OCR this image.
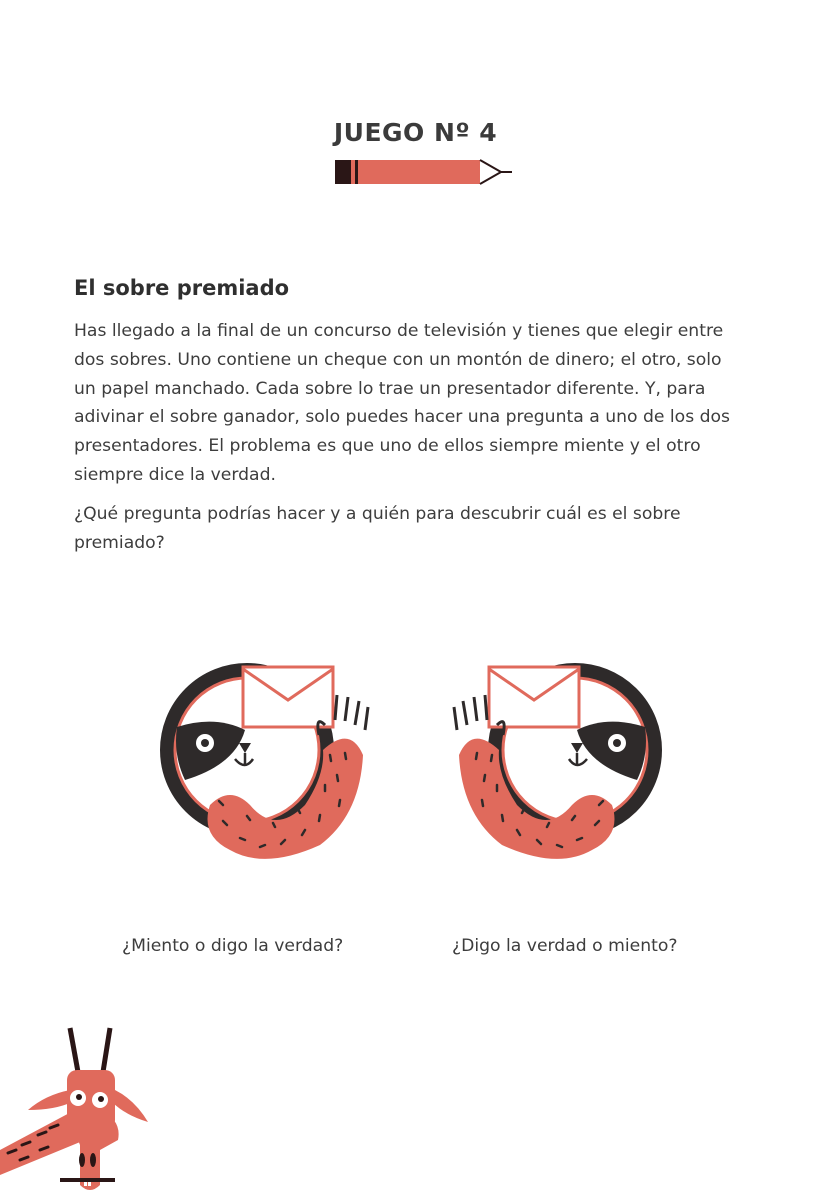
JUEGO Nº 4
El sobre premiado

Has llegado a la final de un concurso de televisión y tienes que elegir entre dos sobres. Uno contiene un cheque con un montón de dinero; el otro, solo un papel manchado. Cada sobre lo trae un presentador diferente. Y, para adivinar el sobre ganador, solo puedes hacer una pregunta a uno de los dos presentadores. El problema es que uno de ellos siempre miente y el otro siempre dice la verdad.

¿Qué pregunta podrías hacer y a quién para descubrir cuál es el sobre premiado?

¿Miento o digo la verdad?	¿Digo la verdad o miento?
